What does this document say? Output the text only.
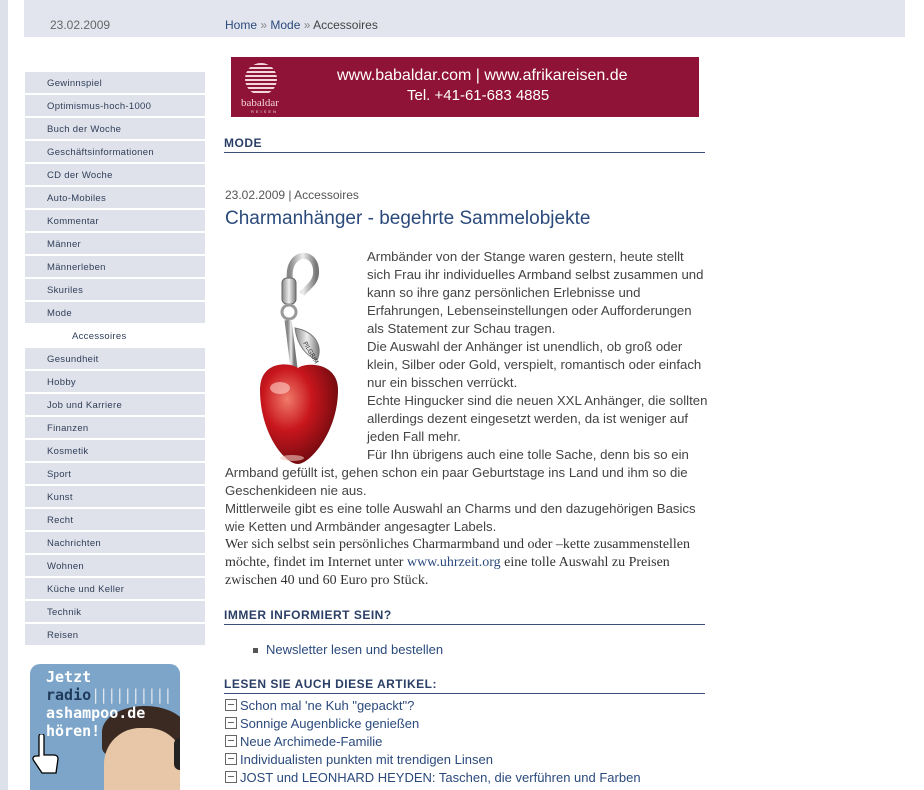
23.02.2009	Home » Mode » Accessoires
Gewinnspiel
Optimismus-hoch-1000
Buch der Woche
Geschäftsinformationen
CD der Woche
Auto-Mobiles
Kommentar
Männer
Männerleben
Skuriles
Mode
Accessoires
Gesundheit
Hobby
Job und Karriere
Finanzen
Kosmetik
Sport
Kunst
Recht
Nachrichten
Wohnen
Küche und Keller
Technik
Reisen
Jetzt
radio||||||||||
ashampoo.de
hören!
babaldar
REISEN
www.babaldar.com | www.afrikareisen.de
Tel. +41-61-683 4885
MODE
23.02.2009 | Accessoires
Charmanhänger - begehrte Sammelobjekte
PILGRIM

Armbänder von der Stange waren gestern, heute stellt sich Frau ihr individuelles Armband selbst zusammen und kann so ihre ganz persönlichen Erlebnisse und Erfahrungen, Lebenseinstellungen oder Aufforderungen als Statement zur Schau tragen.

Die Auswahl der Anhänger ist unendlich, ob groß oder klein, Silber oder Gold, verspielt, romantisch oder einfach nur ein bisschen verrückt.

Echte Hingucker sind die neuen XXL Anhänger, die sollten allerdings dezent eingesetzt werden, da ist weniger auf jeden Fall mehr.

Für Ihn übrigens auch eine tolle Sache, denn bis so ein Armband gefüllt ist, gehen schon ein paar Geburtstage ins Land und ihm so die Geschenkideen nie aus.

Mittlerweile gibt es eine tolle Auswahl an Charms und den dazugehörigen Basics wie Ketten und Armbänder angesagter Labels.

Wer sich selbst sein persönliches Charmarmband und oder –kette zusammenstellen möchte, findet im Internet unter www.uhrzeit.org eine tolle Auswahl zu Preisen zwischen 40 und 60 Euro pro Stück.

IMMER INFORMIERT SEIN?
Newsletter lesen und bestellen
LESEN SIE AUCH DIESE ARTIKEL:
Schon mal 'ne Kuh "gepackt"?
Sonnige Augenblicke genießen
Neue Archimede-Familie
Individualisten punkten mit trendigen Linsen
JOST und LEONHARD HEYDEN: Taschen, die verführen und Farben
